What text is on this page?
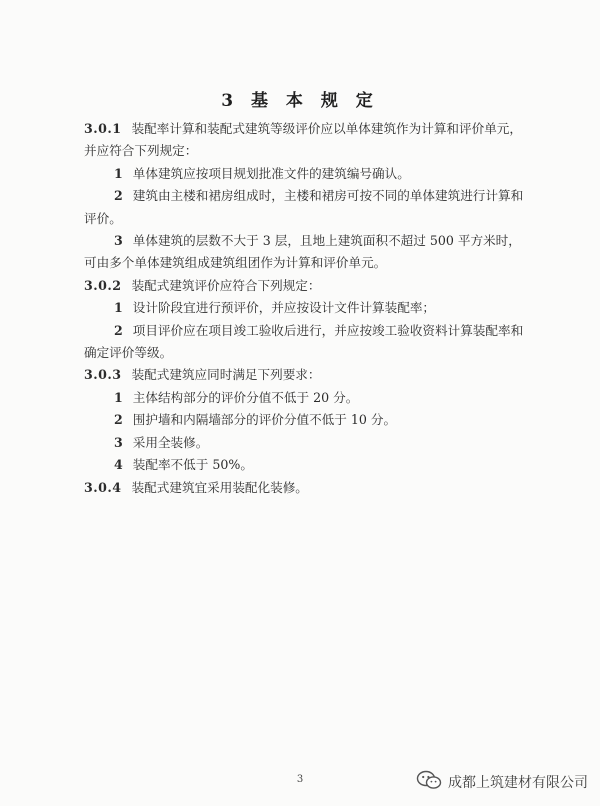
3 基 本 规 定

3.0.1 装配率计算和装配式建筑等级评价应以单体建筑作为计算和评价单元，并应符合下列规定：

1 单体建筑应按项目规划批准文件的建筑编号确认。

2 建筑由主楼和裙房组成时，主楼和裙房可按不同的单体建筑进行计算和评价。

3 单体建筑的层数不大于 3 层，且地上建筑面积不超过 500 平方米时，可由多个单体建筑组成建筑组团作为计算和评价单元。

3.0.2 装配式建筑评价应符合下列规定：

1 设计阶段宜进行预评价，并应按设计文件计算装配率；

2 项目评价应在项目竣工验收后进行，并应按竣工验收资料计算装配率和确定评价等级。

3.0.3 装配式建筑应同时满足下列要求：

1 主体结构部分的评价分值不低于 20 分。

2 围护墙和内隔墙部分的评价分值不低于 10 分。

3 采用全装修。

4 装配率不低于 50%。

3.0.4 装配式建筑宜采用装配化装修。

3	成都上筑建材有限公司
